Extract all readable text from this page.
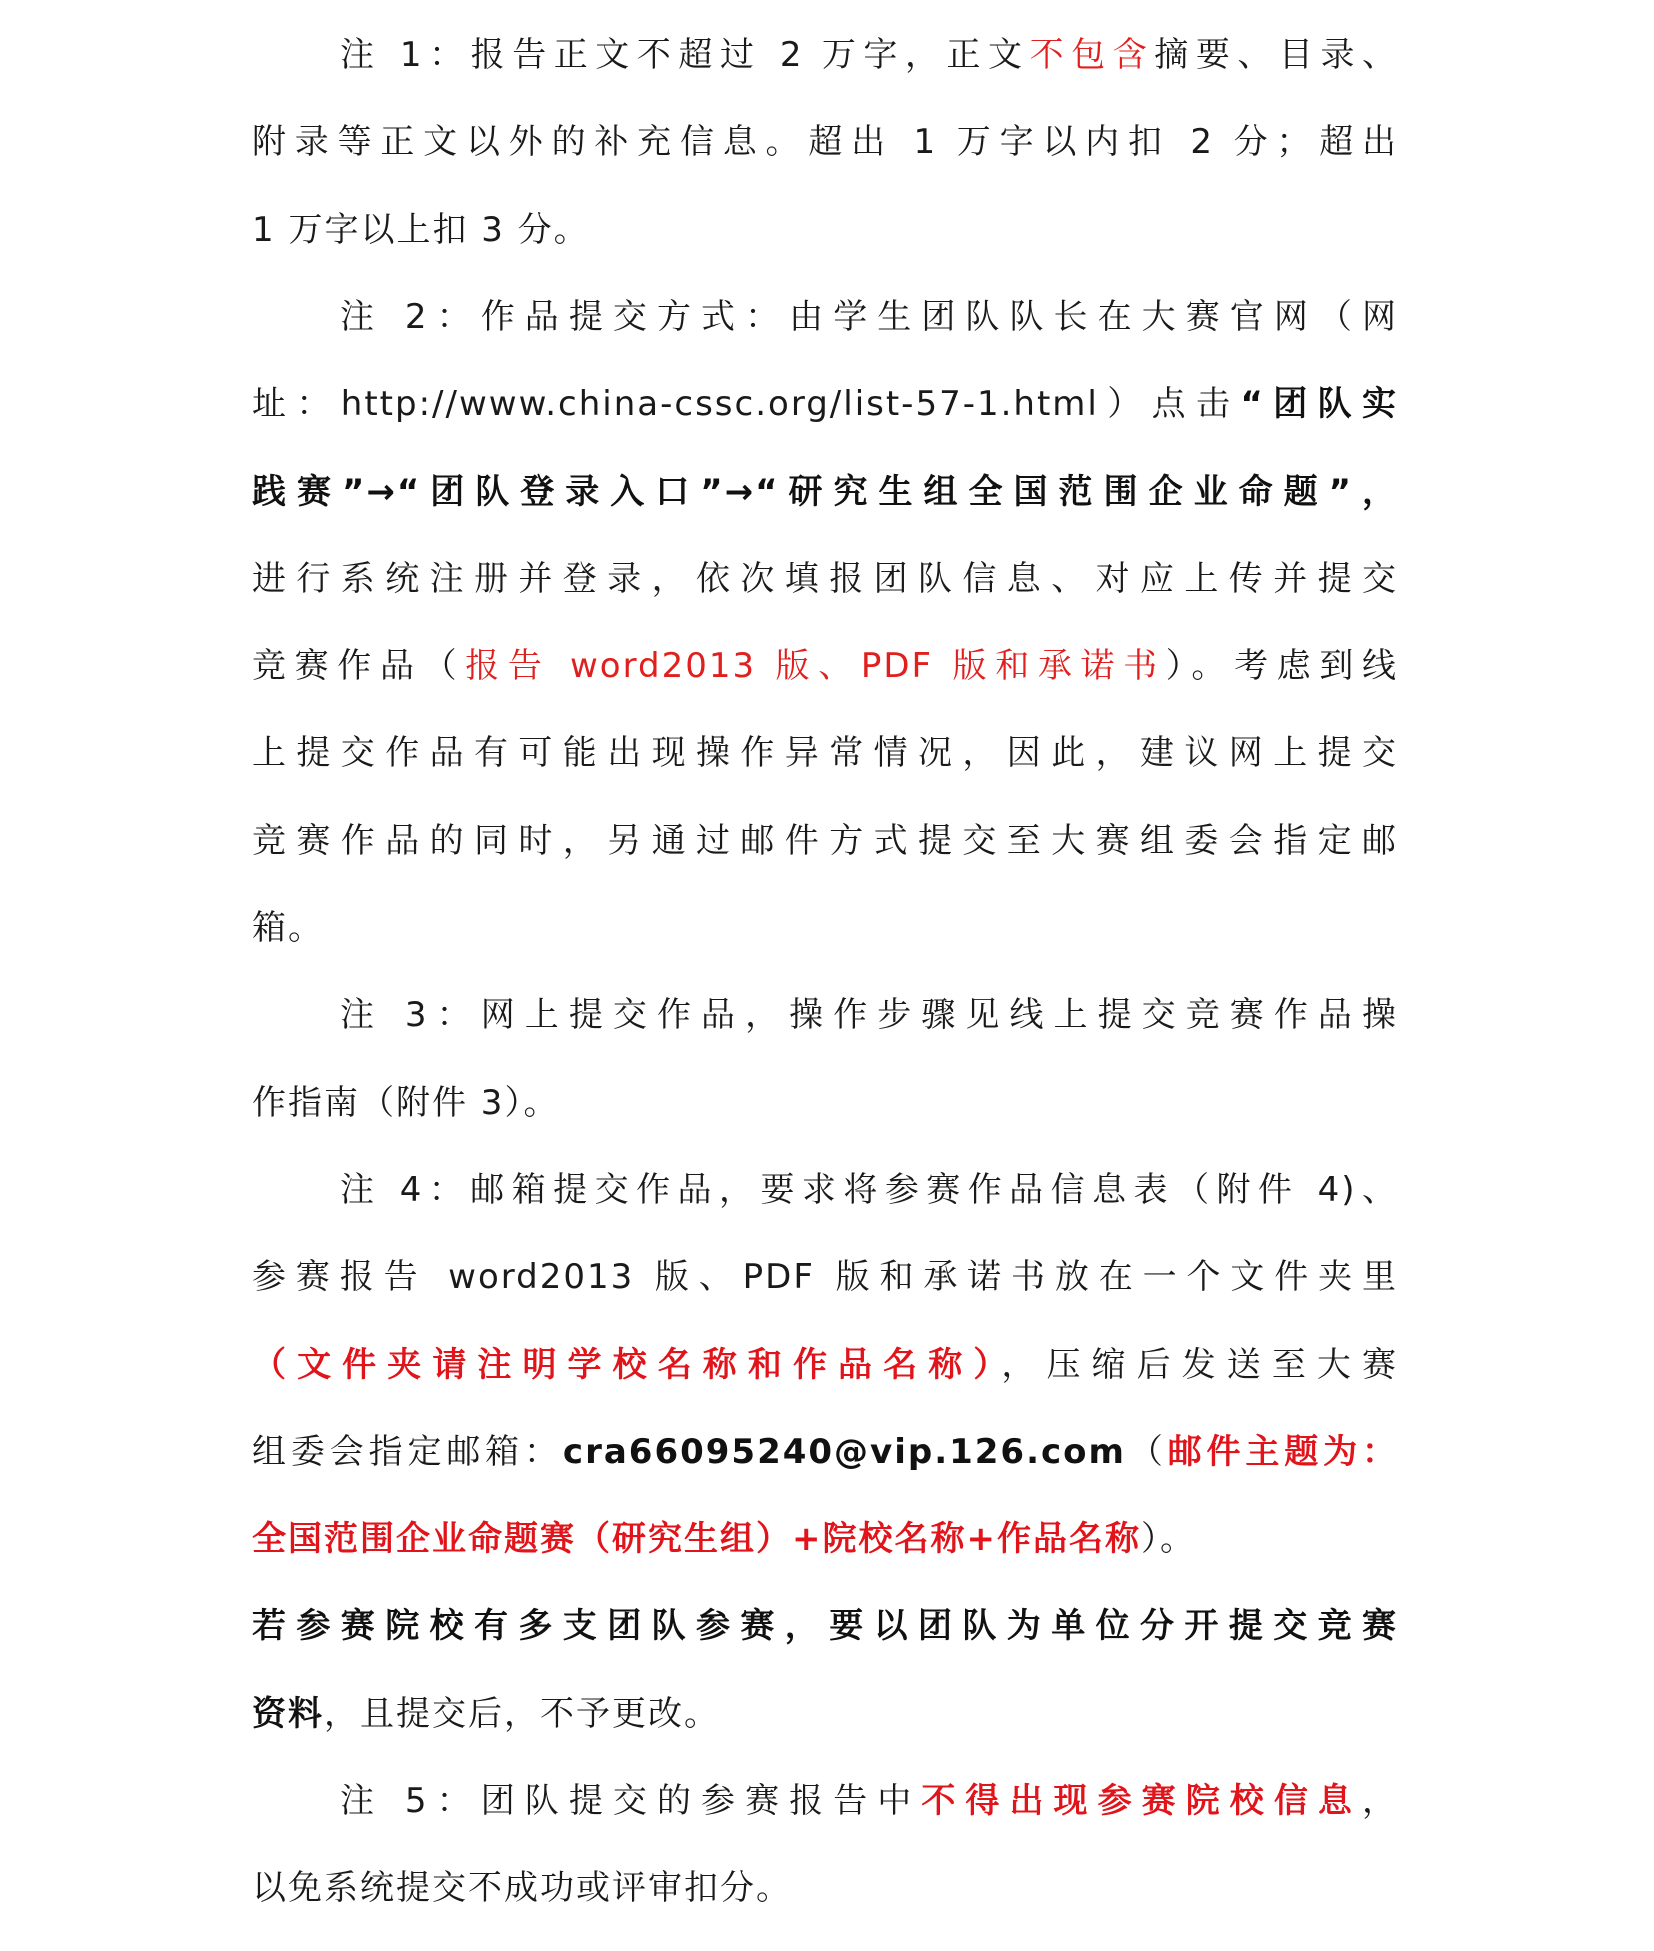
注 1：报告正文不超过 2 万字，正文不包含摘要、目录、
附录等正文以外的补充信息。超出 1 万字以内扣 2 分；超出
1 万字以上扣 3 分。
注 2：作品提交方式：由学生团队队长在大赛官网（网
址：http://www.china-cssc.org/list-57-1.html）点击“团队实
践赛”→“团队登录入口”→“研究生组全国范围企业命题”，
进行系统注册并登录，依次填报团队信息、对应上传并提交
竞赛作品（报告 word2013 版、PDF 版和承诺书）。考虑到线
上提交作品有可能出现操作异常情况，因此，建议网上提交
竞赛作品的同时，另通过邮件方式提交至大赛组委会指定邮
箱。
注 3：网上提交作品，操作步骤见线上提交竞赛作品操
作指南（附件 3）。
注 4：邮箱提交作品，要求将参赛作品信息表（附件 4)、
参赛报告 word2013 版、PDF 版和承诺书放在一个文件夹里
（文件夹请注明学校名称和作品名称），压缩后发送至大赛
组委会指定邮箱：cra66095240@vip.126.com（邮件主题为：
全国范围企业命题赛（研究生组）+院校名称+作品名称）。
若参赛院校有多支团队参赛，要以团队为单位分开提交竞赛
资料，且提交后，不予更改。
注 5：团队提交的参赛报告中不得出现参赛院校信息，
以免系统提交不成功或评审扣分。
